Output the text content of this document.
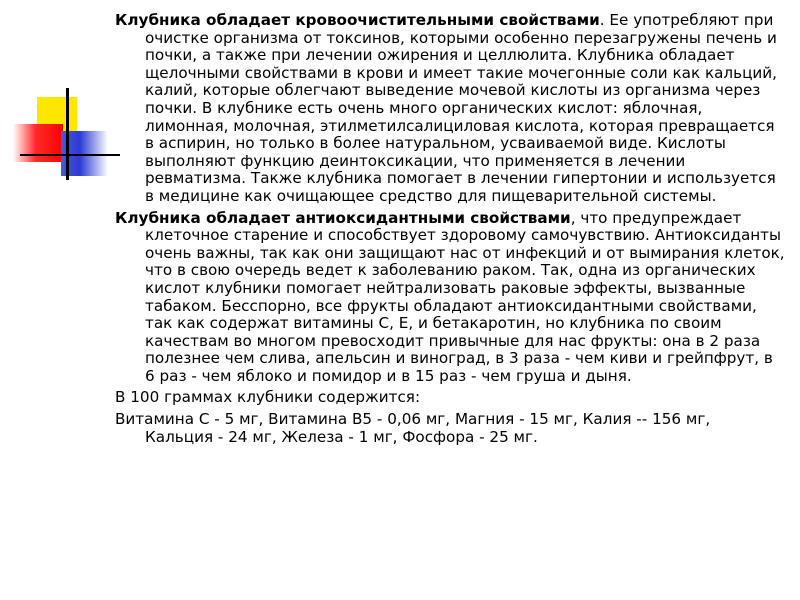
Клубника обладает кровоочистительными свойствами. Ее употребляют при очистке организма от токсинов, которыми особенно перезагружены печень и почки, а также при лечении ожирения и целлюлита. Клубника обладает щелочными свойствами в крови и имеет такие мочегонные соли как кальций, калий, которые облегчают выведение мочевой кислоты из организма через почки. В клубнике есть очень много органических кислот: яблочная, лимонная, молочная, этилметилсалициловая кислота, которая превращается в аспирин, но только в более натуральном, усваиваемой виде. Кислоты выполняют функцию деинтоксикации, что применяется в лечении ревматизма. Также клубника помогает в лечении гипертонии и используется в медицине как очищающее средство для пищеварительной системы.

Клубника обладает антиоксидантными свойствами, что предупреждает клеточное старение и способствует здоровому самочувствию. Антиоксиданты очень важны, так как они защищают нас от инфекций и от вымирания клеток, что в свою очередь ведет к заболеванию раком. Так, одна из органических кислот клубники помогает нейтрализовать раковые эффекты, вызванные табаком. Бесспорно, все фрукты обладают антиоксидантными свойствами, так как содержат витамины С, Е, и бетакаротин, но клубника по своим качествам во многом превосходит привычные для нас фрукты: она в 2 раза полезнее чем слива, апельсин и виноград, в 3 раза - чем киви и грейпфрут, в 6 раз - чем яблоко и помидор и в 15 раз - чем груша и дыня.

В 100 граммах клубники содержится:

Витамина С - 5 мг, Витамина В5 - 0,06 мг, Магния - 15 мг, Калия -- 156 мг,

Кальция - 24 мг, Железа - 1 мг, Фосфора - 25 мг.
